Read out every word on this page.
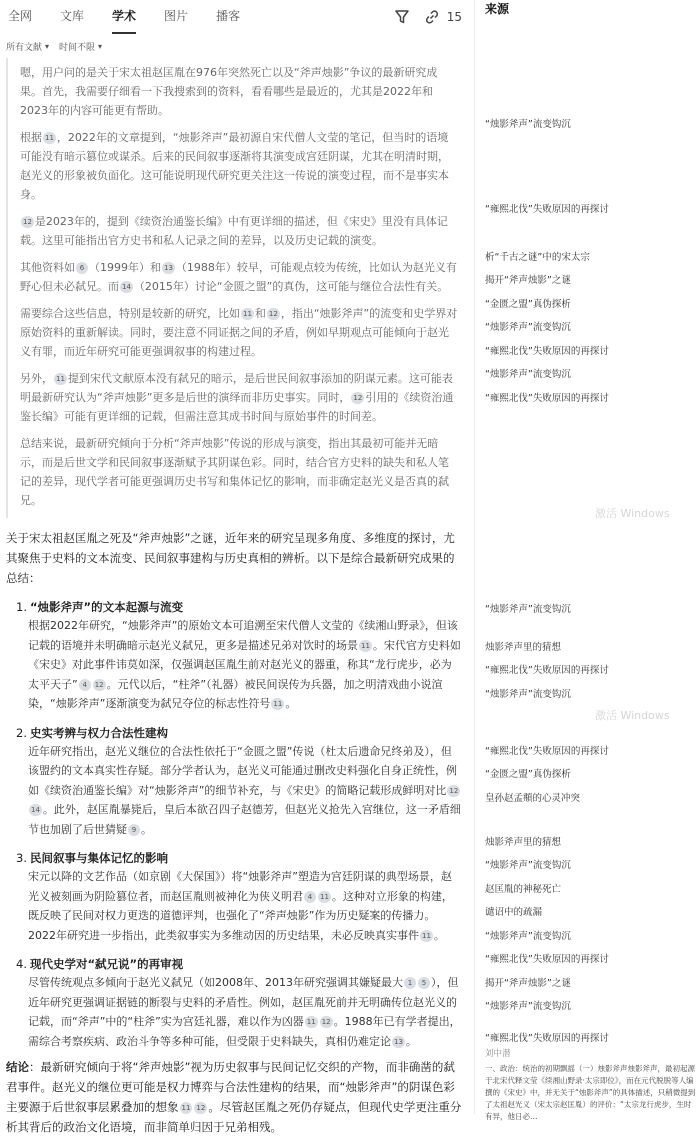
全网 文库 学术 图片 播客	15
所有文献 ▾ 时间不限 ▾

嗯，用户问的是关于宋太祖赵匡胤在976年突然死亡以及“斧声烛影”争议的最新研究成果。首先，我需要仔细看一下我搜索到的资料，看看哪些是最近的，尤其是2022年和2023年的内容可能更有帮助。

根据 11 ，2022年的文章提到，“烛影斧声”最初源自宋代僧人文莹的笔记，但当时的语境可能没有暗示篡位或谋杀。后来的民间叙事逐渐将其演变成宫廷阴谋，尤其在明清时期，赵光义的形象被负面化。这可能说明现代研究更关注这一传说的演变过程，而不是事实本身。

12 是2023年的，提到《续资治通鉴长编》中有更详细的描述，但《宋史》里没有具体记载。这里可能指出官方史书和私人记录之间的差异，以及历史记载的演变。

其他资料如 6 （1999年）和 13 （1988年）较早，可能观点较为传统，比如认为赵光义有野心但未必弑兄。而 14 （2015年）讨论“金匮之盟”的真伪，这可能与继位合法性有关。

需要综合这些信息，特别是较新的研究，比如 11 和 12 ，指出“烛影斧声”的流变和史学界对原始资料的重新解读。同时，要注意不同证据之间的矛盾，例如早期观点可能倾向于赵光义有罪，而近年研究可能更强调叙事的构建过程。

另外， 11 提到宋代文献原本没有弑兄的暗示，是后世民间叙事添加的阴谋元素。这可能表明最新研究认为“斧声烛影”更多是后世的演绎而非历史事实。同时， 12 引用的《续资治通鉴长编》可能有更详细的记载，但需注意其成书时间与原始事件的时间差。

总结来说，最新研究倾向于分析“斧声烛影”传说的形成与演变，指出其最初可能并无暗示，而是后世文学和民间叙事逐渐赋予其阴谋色彩。同时，结合官方史料的缺失和私人笔记的差异，现代学者可能更强调历史书写和集体记忆的影响，而非确定赵光义是否真的弑兄。

关于宋太祖赵匡胤之死及“斧声烛影”之谜，近年来的研究呈现多角度、多维度的探讨，尤其聚焦于史料的文本流变、民间叙事建构与历史真相的辨析。以下是综合最新研究成果的总结：
1. “烛影斧声”的文本起源与流变
根据2022年研究，“烛影斧声”的原始文本可追溯至宋代僧人文莹的《续湘山野录》，但该记载的语境并未明确暗示赵光义弑兄，更多是描述兄弟对饮时的场景 11 。宋代官方史料如《宋史》对此事件讳莫如深，仅强调赵匡胤生前对赵光义的器重，称其“龙行虎步，必为太平天子” 4 12 。元代以后，“柱斧”（礼器）被民间误传为兵器，加之明清戏曲小说渲染，“烛影斧声”逐渐演变为弑兄夺位的标志性符号 11 。
2. 史实考辨与权力合法性建构
近年研究指出，赵光义继位的合法性依托于“金匮之盟”传说（杜太后遗命兄终弟及），但该盟约的文本真实性存疑。部分学者认为，赵光义可能通过删改史料强化自身正统性，例如《续资治通鉴长编》对“烛影斧声”的细节补充，与《宋史》的简略记载形成鲜明对比 1214 。此外，赵匡胤暴毙后，皇后本欲召四子赵德芳，但赵光义抢先入宫继位，这一矛盾细节也加剧了后世猜疑 9 。
3. 民间叙事与集体记忆的影响
宋元以降的文艺作品（如京剧《大保国》）将“烛影斧声”塑造为宫廷阴谋的典型场景，赵光义被刻画为阴险篡位者，而赵匡胤则被神化为侠义明君 4 11 。这种对立形象的构建，既反映了民间对权力更迭的道德评判，也强化了“斧声烛影”作为历史疑案的传播力。2022年研究进一步指出，此类叙事实为多维动因的历史结果，未必反映真实事件 11 。
4. 现代史学对“弑兄说”的再审视
尽管传统观点多倾向于赵光义弑兄（如2008年、2013年研究强调其嫌疑最大 1 5 ），但近年研究更强调证据链的断裂与史料的矛盾性。例如，赵匡胤死前并无明确传位赵光义的记载，而“斧声”中的“柱斧”实为宫廷礼器，难以作为凶器 11 12 。1988年已有学者提出，需综合考察疾病、政治斗争等多种可能，但受限于史料缺失，真相仍难定论 13 。
结论：最新研究倾向于将“斧声烛影”视为历史叙事与民间记忆交织的产物，而非确凿的弑君事件。赵光义的继位更可能是权力博弈与合法性建构的结果，而“烛影斧声”的阴谋色彩主要源于后世叙事层累叠加的想象 11 12 。尽管赵匡胤之死仍存疑点，但现代史学更注重分析其背后的政治文化语境，而非简单归因于兄弟相残。
来源
“烛影斧声”流变钩沉
“雍熙北伐”失败原因的再探讨
析“千古之谜”中的宋太宗
揭开“斧声烛影”之谜
“金匮之盟”真伪探析
“烛影斧声”流变钩沉
“雍熙北伐”失败原因的再探讨
“烛影斧声”流变钩沉
“雍熙北伐”失败原因的再探讨
激活 Windows
“烛影斧声”流变钩沉
烛影斧声里的猜想
“雍熙北伐”失败原因的再探讨
“烛影斧声”流变钩沉
激活 Windows
“雍熙北伐”失败原因的再探讨
“金匮之盟”真伪探析
皇孙赵孟頫的心灵冲突
烛影斧声里的猜想
“烛影斧声”流变钩沉
赵匡胤的神秘死亡
谴诏中的疏漏
“烛影斧声”流变钩沉
“雍熙北伐”失败原因的再探讨
揭开“斧声烛影”之谜
“烛影斧声”流变钩沉
“雍熙北伐”失败原因的再探讨
刘中潜
一、政治：统治的初期飘摇（一）烛影斧声烛影斧声，最初起源于北宋代释文莹《续湘山野录·太宗即位》，而在元代脱脱等人编撰的《宋史》中，并无关于“烛影斧声”的具体描述，只稍微提到了太祖赵光义（宋太宗赵匡胤）的评价：“太宗龙行虎步，生时有异，他日必…
